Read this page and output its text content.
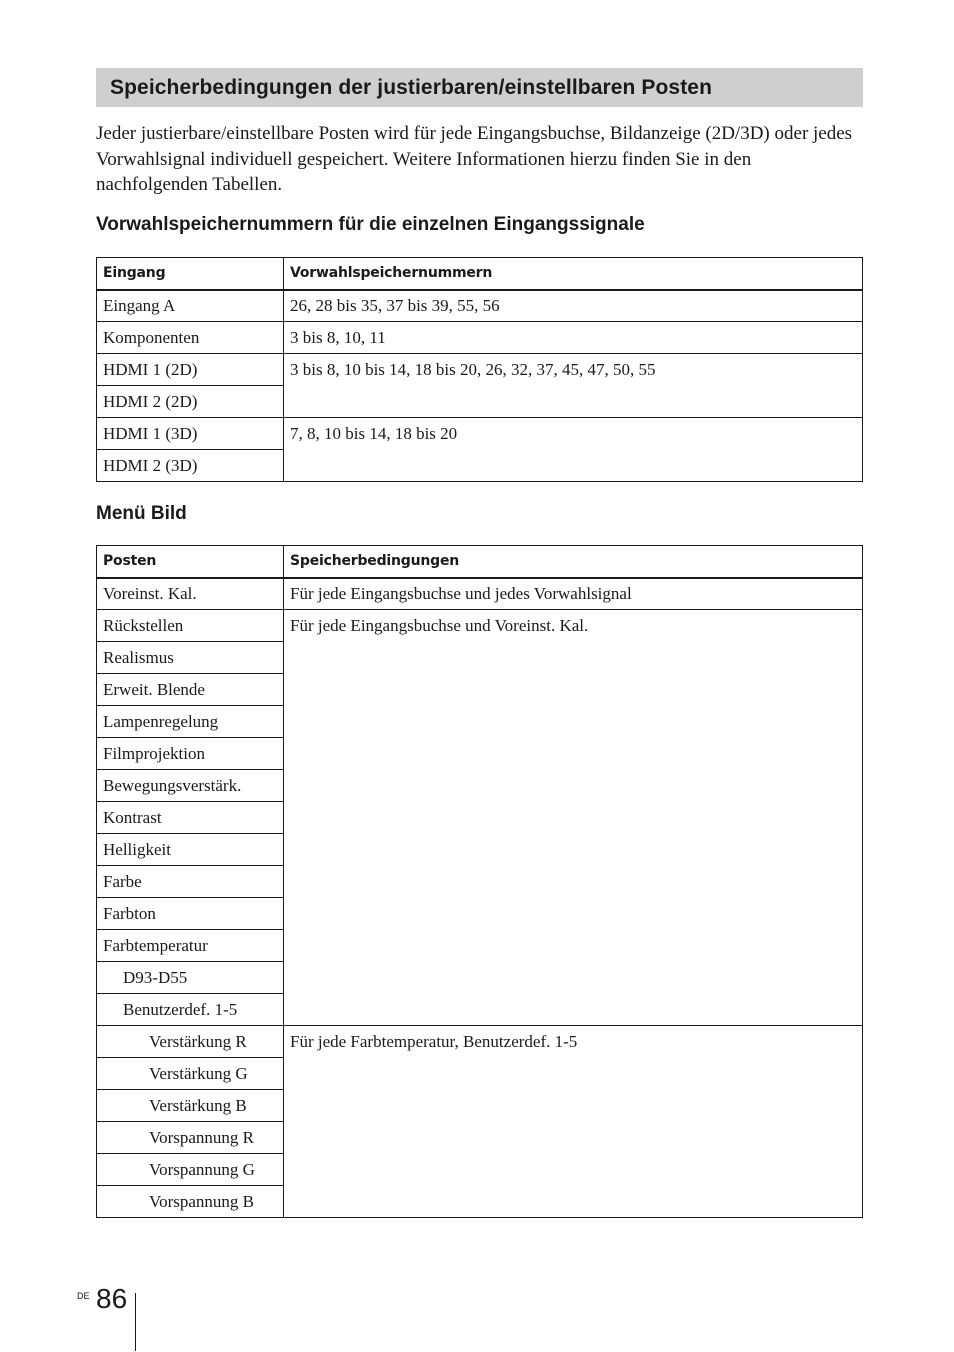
Speicherbedingungen der justierbaren/einstellbaren Posten

Jeder justierbare/einstellbare Posten wird für jede Eingangsbuchse, Bildanzeige (2D/3D) oder jedes Vorwahlsignal individuell gespeichert. Weitere Informationen hierzu finden Sie in den nachfolgenden Tabellen.

Vorwahlspeichernummern für die einzelnen Eingangssignale
Eingang	Vorwahlspeichernummern
Eingang A	26, 28 bis 35, 37 bis 39, 55, 56
Komponenten	3 bis 8, 10, 11
HDMI 1 (2D)	3 bis 8, 10 bis 14, 18 bis 20, 26, 32, 37, 45, 47, 50, 55
HDMI 2 (2D)	
HDMI 1 (3D)	7, 8, 10 bis 14, 18 bis 20
HDMI 2 (3D)	
Menü Bild
Posten	Speicherbedingungen
Voreinst. Kal.	Für jede Eingangsbuchse und jedes Vorwahlsignal
Rückstellen	Für jede Eingangsbuchse und Voreinst. Kal.
Realismus	
Erweit. Blende	
Lampenregelung	
Filmprojektion	
Bewegungsverstärk.	
Kontrast	
Helligkeit	
Farbe	
Farbton	
Farbtemperatur	
D93-D55	
Benutzerdef. 1-5	
Verstärkung R	Für jede Farbtemperatur, Benutzerdef. 1-5
Verstärkung G	
Verstärkung B	
Vorspannung R	
Vorspannung G	
Vorspannung B	
DE 86
